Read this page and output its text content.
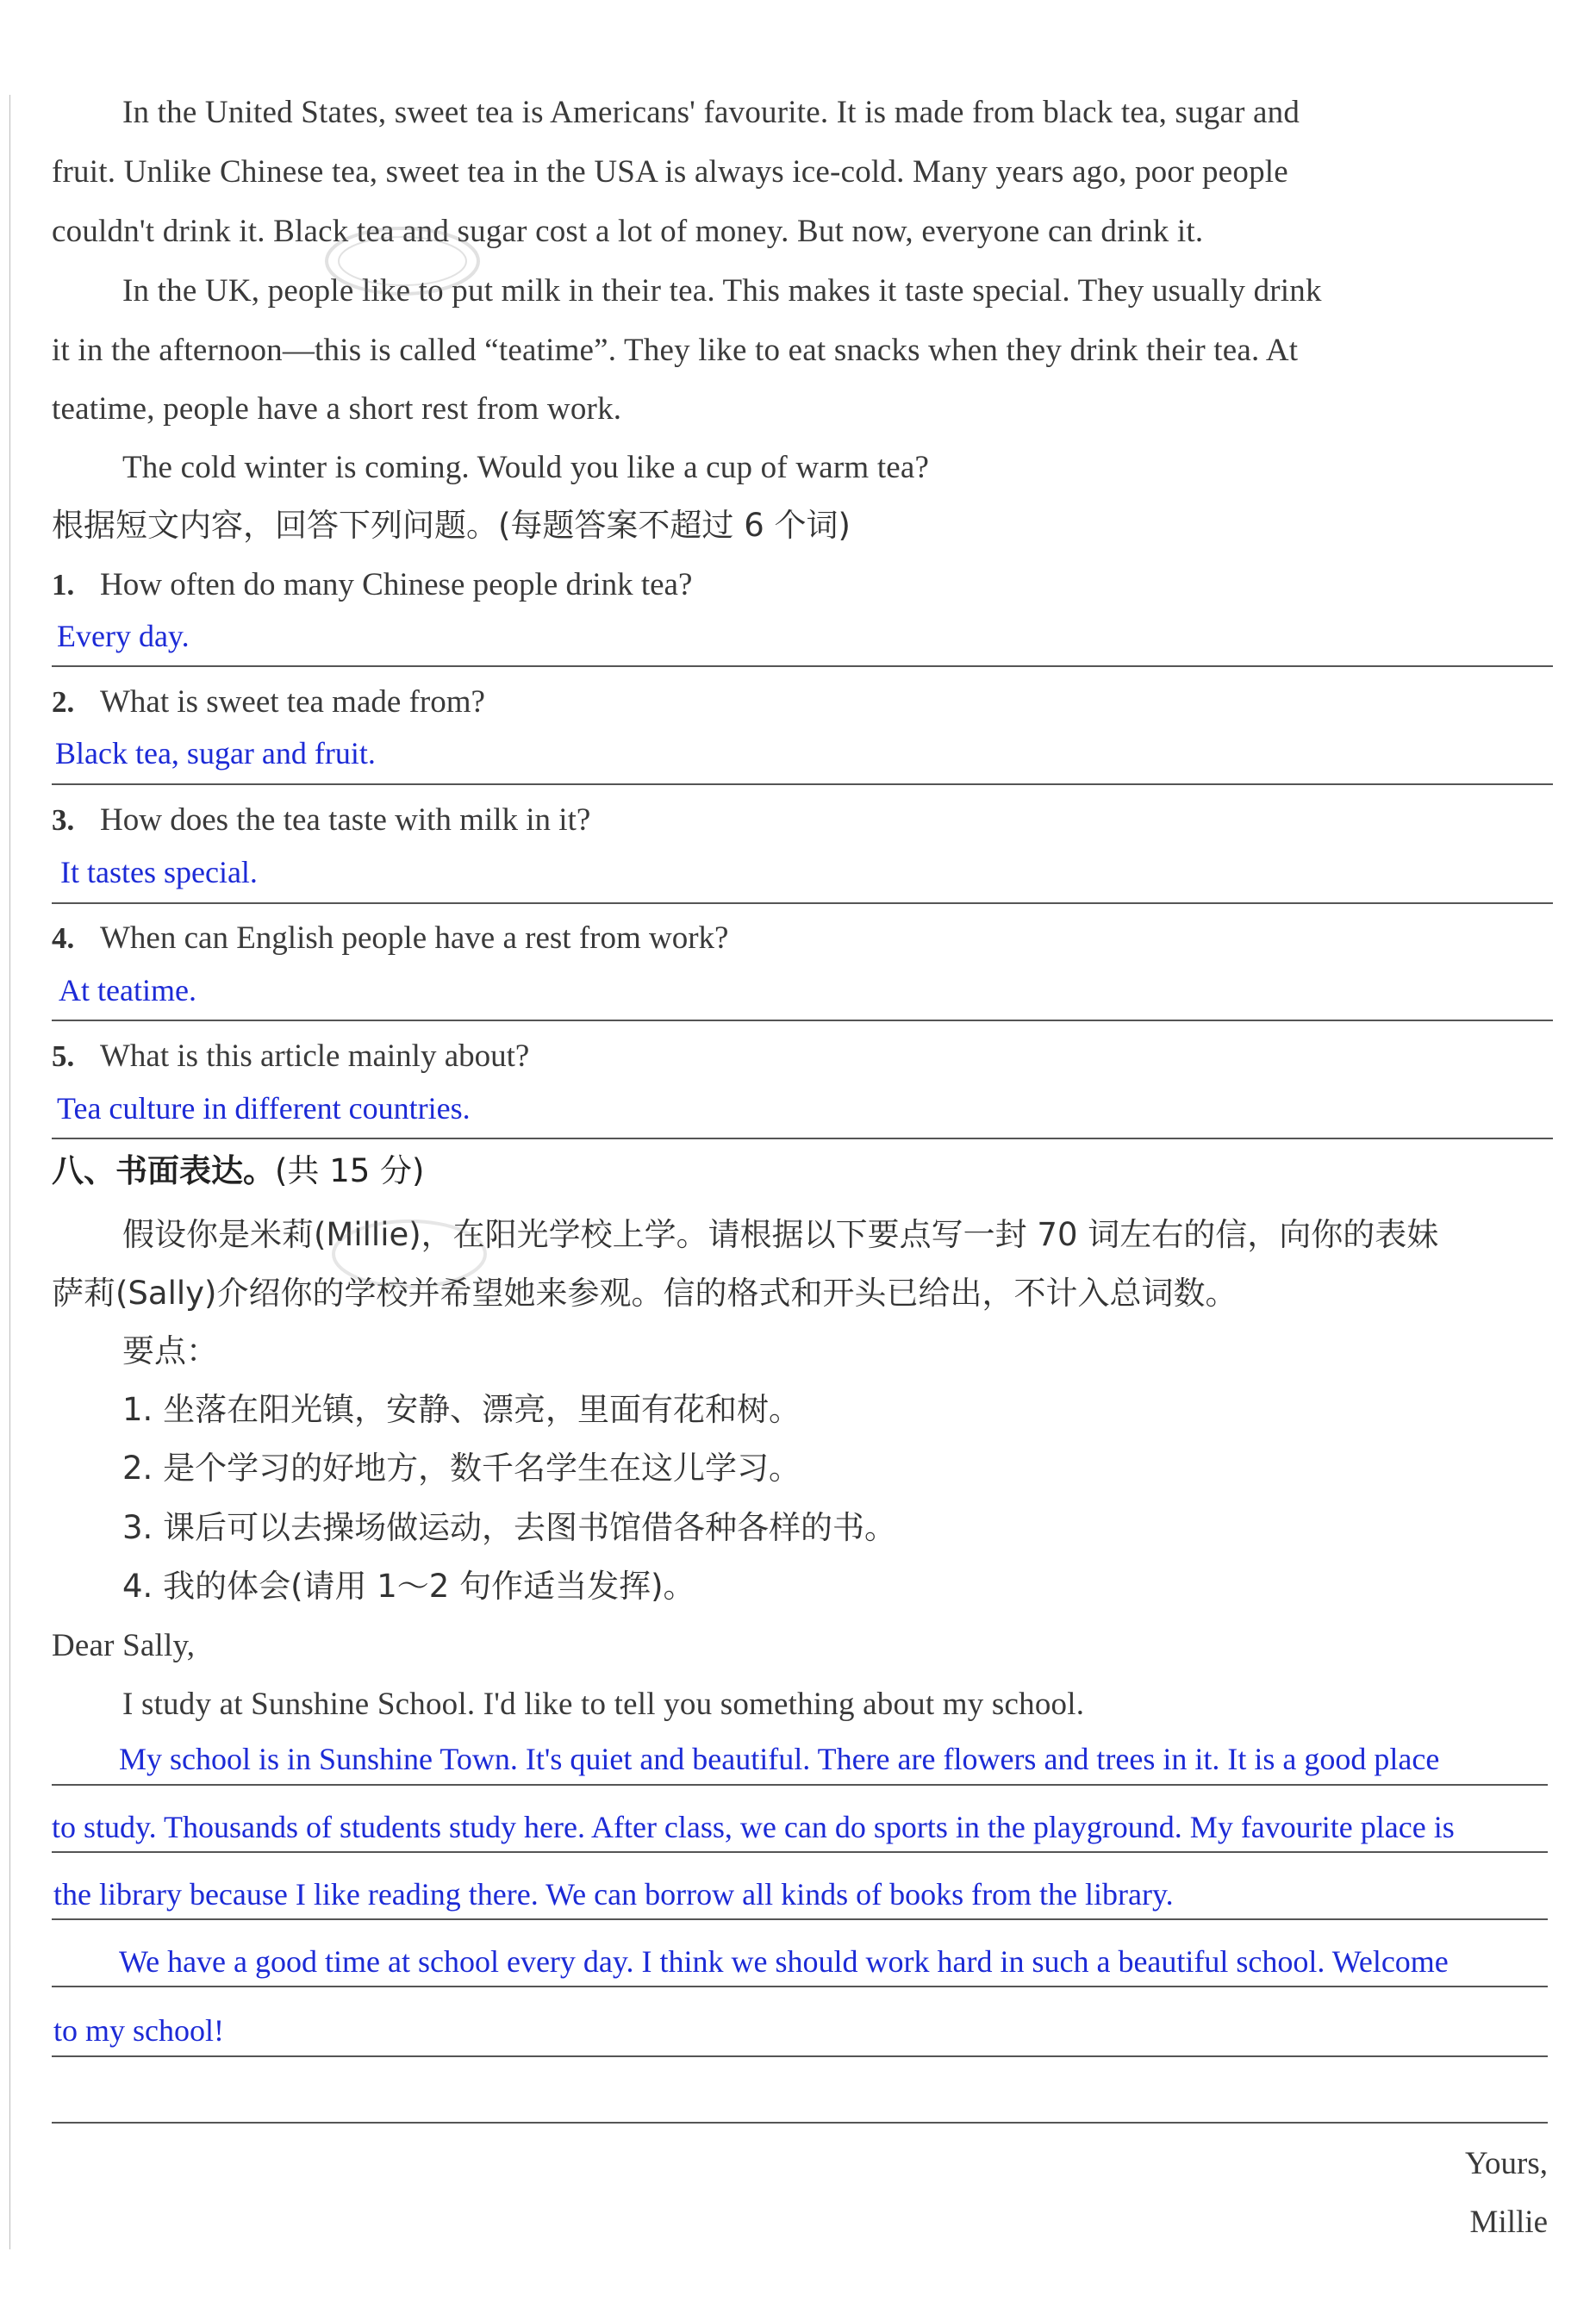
In the United States, sweet tea is Americans' favourite. It is made from black tea, sugar and
fruit. Unlike Chinese tea, sweet tea in the USA is always ice-cold. Many years ago, poor people
couldn't drink it. Black tea and sugar cost a lot of money. But now, everyone can drink it.
In the UK, people like to put milk in their tea. This makes it taste special. They usually drink
it in the afternoon—this is called “teatime”. They like to eat snacks when they drink their tea. At
teatime, people have a short rest from work.
The cold winter is coming. Would you like a cup of warm tea?
根据短文内容，回答下列问题。(每题答案不超过 6 个词)
1. How often do many Chinese people drink tea?
Every day.
2. What is sweet tea made from?
Black tea, sugar and fruit.
3. How does the tea taste with milk in it?
It tastes special.
4. When can English people have a rest from work?
At teatime.
5. What is this article mainly about?
Tea culture in different countries.
八、书面表达。(共 15 分)
假设你是米莉(Millie)，在阳光学校上学。请根据以下要点写一封 70 词左右的信，向你的表妹
萨莉(Sally)介绍你的学校并希望她来参观。信的格式和开头已给出，不计入总词数。
要点：
1. 坐落在阳光镇，安静、漂亮，里面有花和树。
2. 是个学习的好地方，数千名学生在这儿学习。
3. 课后可以去操场做运动，去图书馆借各种各样的书。
4. 我的体会(请用 1～2 句作适当发挥)。
Dear Sally,
I study at Sunshine School. I'd like to tell you something about my school.
My school is in Sunshine Town. It's quiet and beautiful. There are flowers and trees in it. It is a good place
to study. Thousands of students study here. After class, we can do sports in the playground. My favourite place is
the library because I like reading there. We can borrow all kinds of books from the library.
We have a good time at school every day. I think we should work hard in such a beautiful school. Welcome
to my school!
Yours,
Millie
